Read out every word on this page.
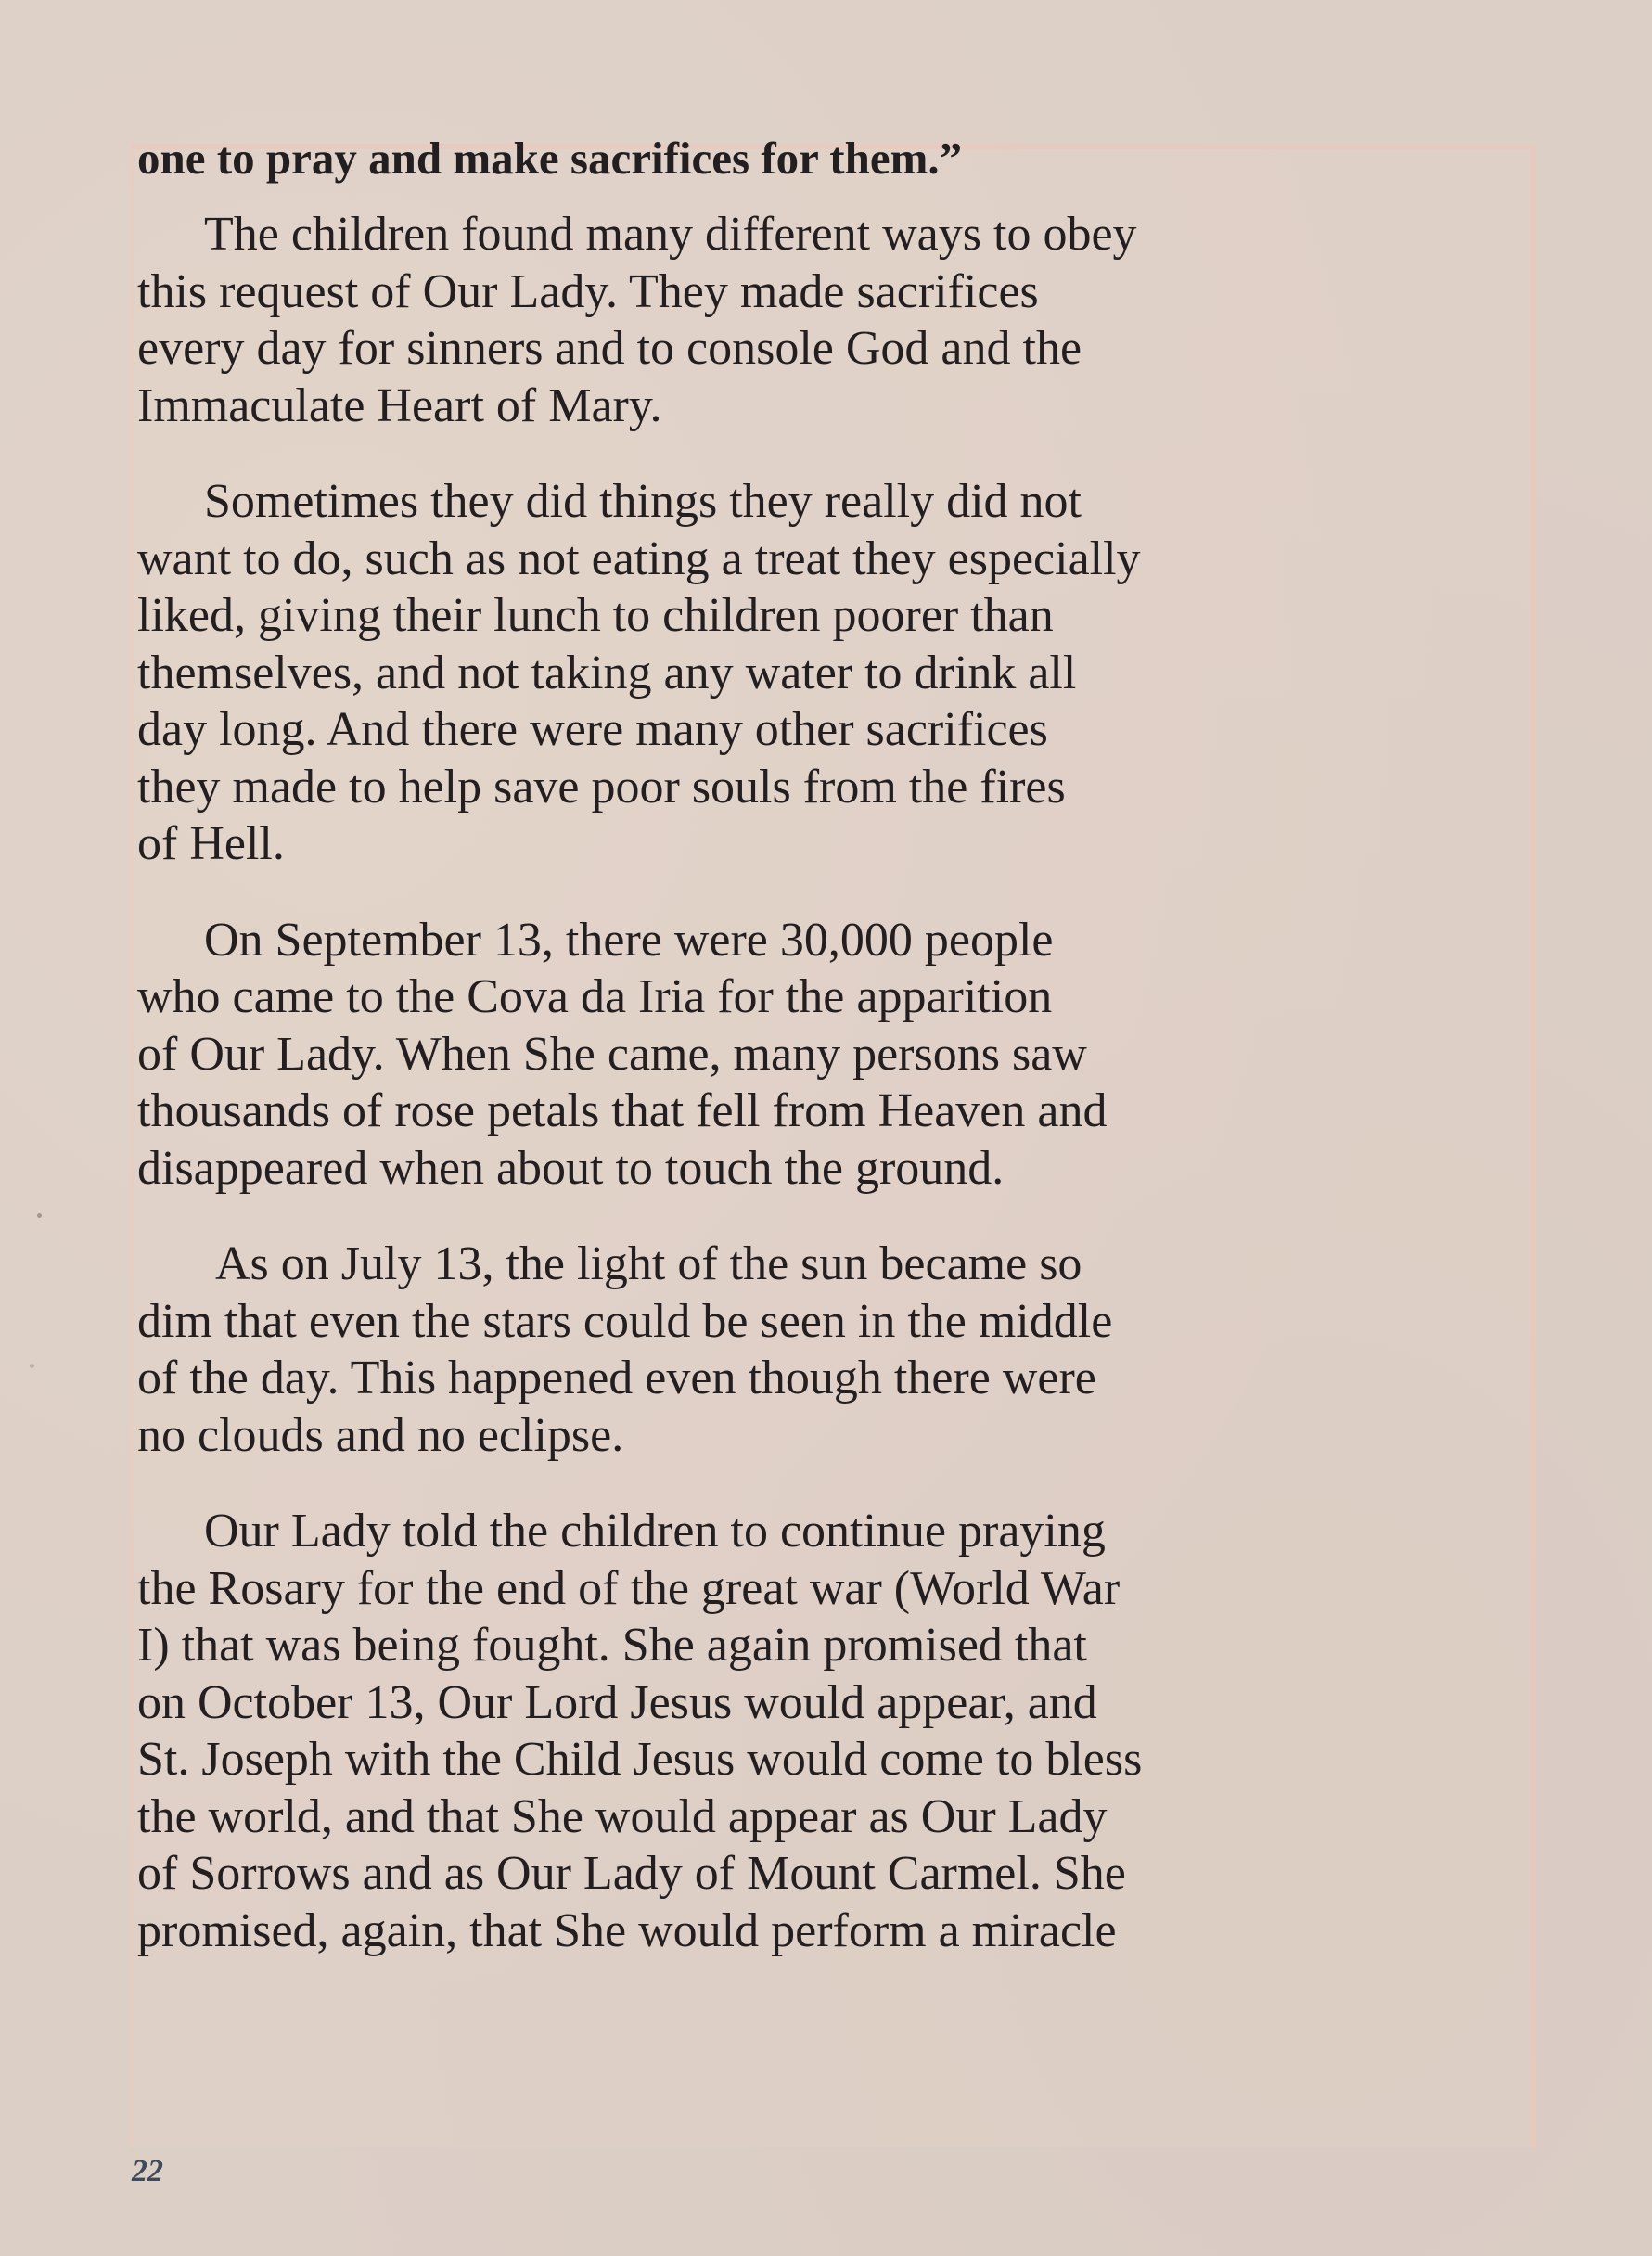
one to pray and make sacrifices for them.”

The children found many different ways to obey
this request of Our Lady. They made sacrifices
every day for sinners and to console God and the
Immaculate Heart of Mary.
Sometimes they did things they really did not
want to do, such as not eating a treat they especially
liked, giving their lunch to children poorer than
themselves, and not taking any water to drink all
day long. And there were many other sacrifices
they made to help save poor souls from the fires
of Hell.
On September 13, there were 30,000 people
who came to the Cova da Iria for the apparition
of Our Lady. When She came, many persons saw
thousands of rose petals that fell from Heaven and
disappeared when about to touch the ground.
As on July 13, the light of the sun became so
dim that even the stars could be seen in the middle
of the day. This happened even though there were
no clouds and no eclipse.
Our Lady told the children to continue praying
the Rosary for the end of the great war (World War
I) that was being fought. She again promised that
on October 13, Our Lord Jesus would appear, and
St. Joseph with the Child Jesus would come to bless
the world, and that She would appear as Our Lady
of Sorrows and as Our Lady of Mount Carmel. She
promised, again, that She would perform a miracle
22
